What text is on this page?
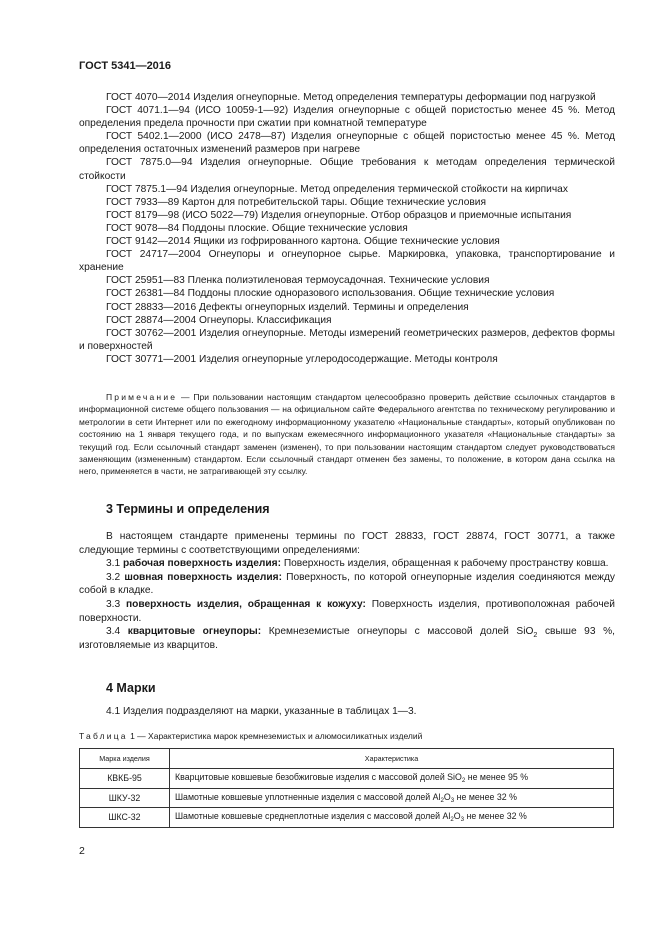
ГОСТ 5341—2016

ГОСТ 4070—2014 Изделия огнеупорные. Метод определения температуры деформации под нагрузкой

ГОСТ 4071.1—94 (ИСО 10059-1—92) Изделия огнеупорные с общей пористостью менее 45 %. Метод определения предела прочности при сжатии при комнатной температуре

ГОСТ 5402.1—2000 (ИСО 2478—87) Изделия огнеупорные с общей пористостью менее 45 %. Метод определения остаточных изменений размеров при нагреве

ГОСТ 7875.0—94 Изделия огнеупорные. Общие требования к методам определения термической стойкости

ГОСТ 7875.1—94 Изделия огнеупорные. Метод определения термической стойкости на кирпичах

ГОСТ 7933—89 Картон для потребительской тары. Общие технические условия

ГОСТ 8179—98 (ИСО 5022—79) Изделия огнеупорные. Отбор образцов и приемочные испытания

ГОСТ 9078—84 Поддоны плоские. Общие технические условия

ГОСТ 9142—2014 Ящики из гофрированного картона. Общие технические условия

ГОСТ 24717—2004 Огнеупоры и огнеупорное сырье. Маркировка, упаковка, транспортирование и хранение

ГОСТ 25951—83 Пленка полиэтиленовая термоусадочная. Технические условия

ГОСТ 26381—84 Поддоны плоские одноразового использования. Общие технические условия

ГОСТ 28833—2016 Дефекты огнеупорных изделий. Термины и определения

ГОСТ 28874—2004 Огнеупоры. Классификация

ГОСТ 30762—2001 Изделия огнеупорные. Методы измерений геометрических размеров, дефектов формы и поверхностей

ГОСТ 30771—2001 Изделия огнеупорные углеродосодержащие. Методы контроля

Примечание — При пользовании настоящим стандартом целесообразно проверить действие ссылочных стандартов в информационной системе общего пользования — на официальном сайте Федерального агентства по техническому регулированию и метрологии в сети Интернет или по ежегодному информационному указателю «Национальные стандарты», который опубликован по состоянию на 1 января текущего года, и по выпускам ежемесячного информационного указателя «Национальные стандарты» за текущий год. Если ссылочный стандарт заменен (изменен), то при пользовании настоящим стандартом следует руководствоваться заменяющим (измененным) стандартом. Если ссылочный стандарт отменен без замены, то положение, в котором дана ссылка на него, применяется в части, не затрагивающей эту ссылку.

3 Термины и определения

В настоящем стандарте применены термины по ГОСТ 28833, ГОСТ 28874, ГОСТ 30771, а также следующие термины с соответствующими определениями:

3.1 рабочая поверхность изделия: Поверхность изделия, обращенная к рабочему пространству ковша.

3.2 шовная поверхность изделия: Поверхность, по которой огнеупорные изделия соединяются между собой в кладке.

3.3 поверхность изделия, обращенная к кожуху: Поверхность изделия, противоположная рабочей поверхности.

3.4 кварцитовые огнеупоры: Кремнеземистые огнеупоры с массовой долей SiO$_2$ свыше 93 %, изготовляемые из кварцитов.

4 Марки

4.1 Изделия подразделяют на марки, указанные в таблицах 1—3.

Таблица 1 — Характеристика марок кремнеземистых и алюмосиликатных изделий
Марка изделия	Характеристика
КВКБ-95	Кварцитовые ковшевые безобжиговые изделия с массовой долей SiO$_2$ не менее 95 %
ШКУ-32	Шамотные ковшевые уплотненные изделия с массовой долей $Al_2O_3$ не менее 32 %
ШКС-32	Шамотные ковшевые среднеплотные изделия с массовой долей $Al_2O_3$ не менее 32 %
2
